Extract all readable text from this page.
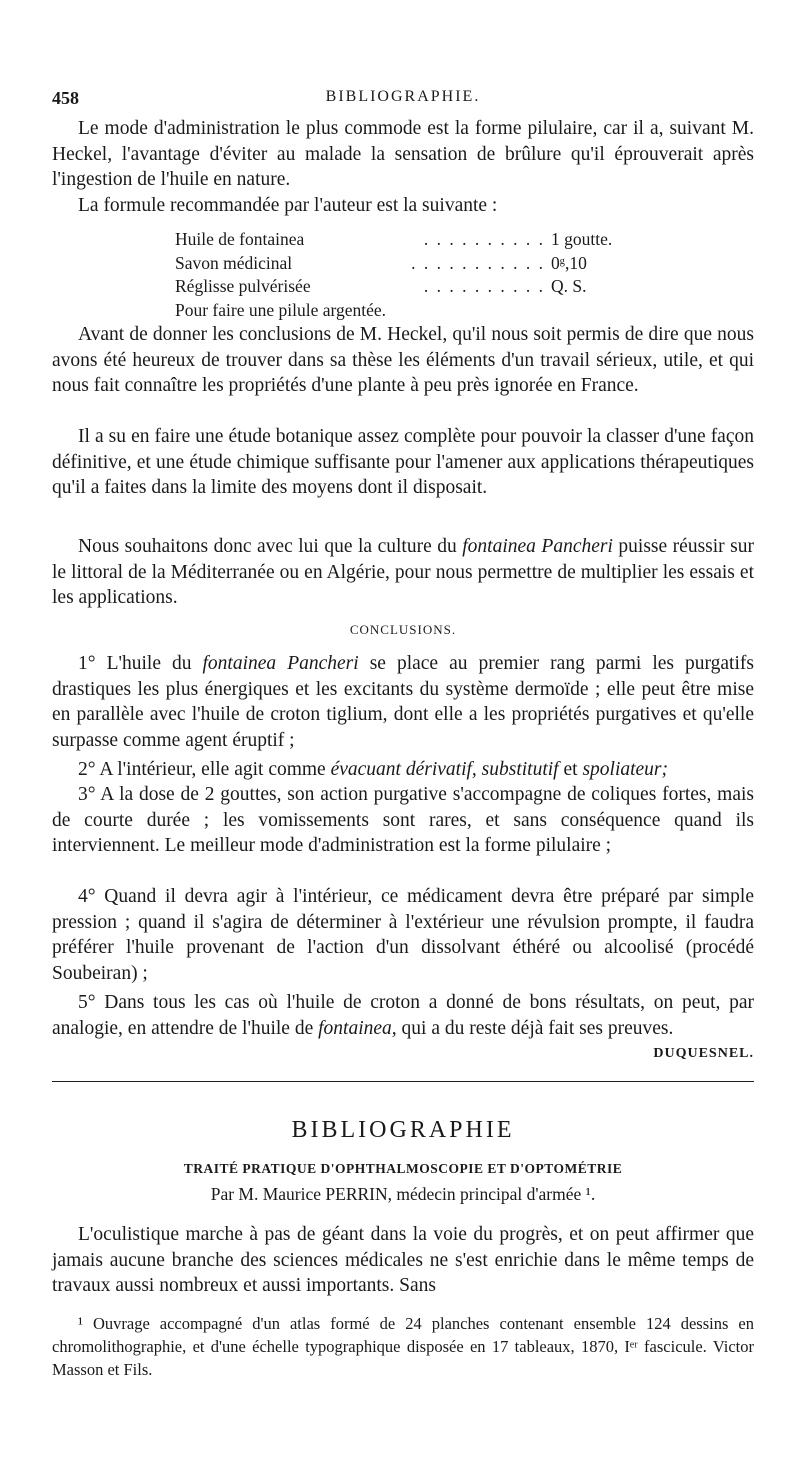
458	BIBLIOGRAPHIE.

Le mode d'administration le plus commode est la forme pilulaire, car il a, suivant M. Heckel, l'avantage d'éviter au malade la sensation de brûlure qu'il éprouverait après l'ingestion de l'huile en nature.

La formule recommandée par l'auteur est la suivante :

. . . . . . . . . .
Huile de fontainea	1 goutte.
. . . . . . . . . . .
Savon médicinal	0ᵍ,10
. . . . . . . . . .
Réglisse pulvérisée	Q. S.
Pour faire une pilule argentée.

Avant de donner les conclusions de M. Heckel, qu'il nous soit permis de dire que nous avons été heureux de trouver dans sa thèse les éléments d'un travail sérieux, utile, et qui nous fait connaître les propriétés d'une plante à peu près ignorée en France.

Il a su en faire une étude botanique assez complète pour pouvoir la classer d'une façon définitive, et une étude chimique suffisante pour l'amener aux applications thérapeutiques qu'il a faites dans la limite des moyens dont il disposait.

Nous souhaitons donc avec lui que la culture du fontainea Pancheri puisse réussir sur le littoral de la Méditerranée ou en Algérie, pour nous permettre de multiplier les essais et les applications.

CONCLUSIONS.

1° L'huile du fontainea Pancheri se place au premier rang parmi les purgatifs drastiques les plus énergiques et les excitants du système dermoïde ; elle peut être mise en parallèle avec l'huile de croton tiglium, dont elle a les propriétés purgatives et qu'elle surpasse comme agent éruptif ;

2° A l'intérieur, elle agit comme évacuant dérivatif, substitutif et spoliateur;

3° A la dose de 2 gouttes, son action purgative s'accompagne de coliques fortes, mais de courte durée ; les vomissements sont rares, et sans conséquence quand ils interviennent. Le meilleur mode d'administration est la forme pilulaire ;

4° Quand il devra agir à l'intérieur, ce médicament devra être préparé par simple pression ; quand il s'agira de déterminer à l'extérieur une révulsion prompte, il faudra préférer l'huile provenant de l'action d'un dissolvant éthéré ou alcoolisé (procédé Soubeiran) ;

5° Dans tous les cas où l'huile de croton a donné de bons résultats, on peut, par analogie, en attendre de l'huile de fontainea, qui a du reste déjà fait ses preuves.
DUQUESNEL.

BIBLIOGRAPHIE
TRAITÉ PRATIQUE D'OPHTHALMOSCOPIE ET D'OPTOMÉTRIE
Par M. Maurice PERRIN, médecin principal d'armée ¹.

L'oculistique marche à pas de géant dans la voie du progrès, et on peut affirmer que jamais aucune branche des sciences médicales ne s'est enrichie dans le même temps de travaux aussi nombreux et aussi importants. Sans

¹ Ouvrage accompagné d'un atlas formé de 24 planches contenant ensemble 124 dessins en chromolithographie, et d'une échelle typographique disposée en 17 tableaux, 1870, Iᵉʳ fascicule. Victor Masson et Fils.
